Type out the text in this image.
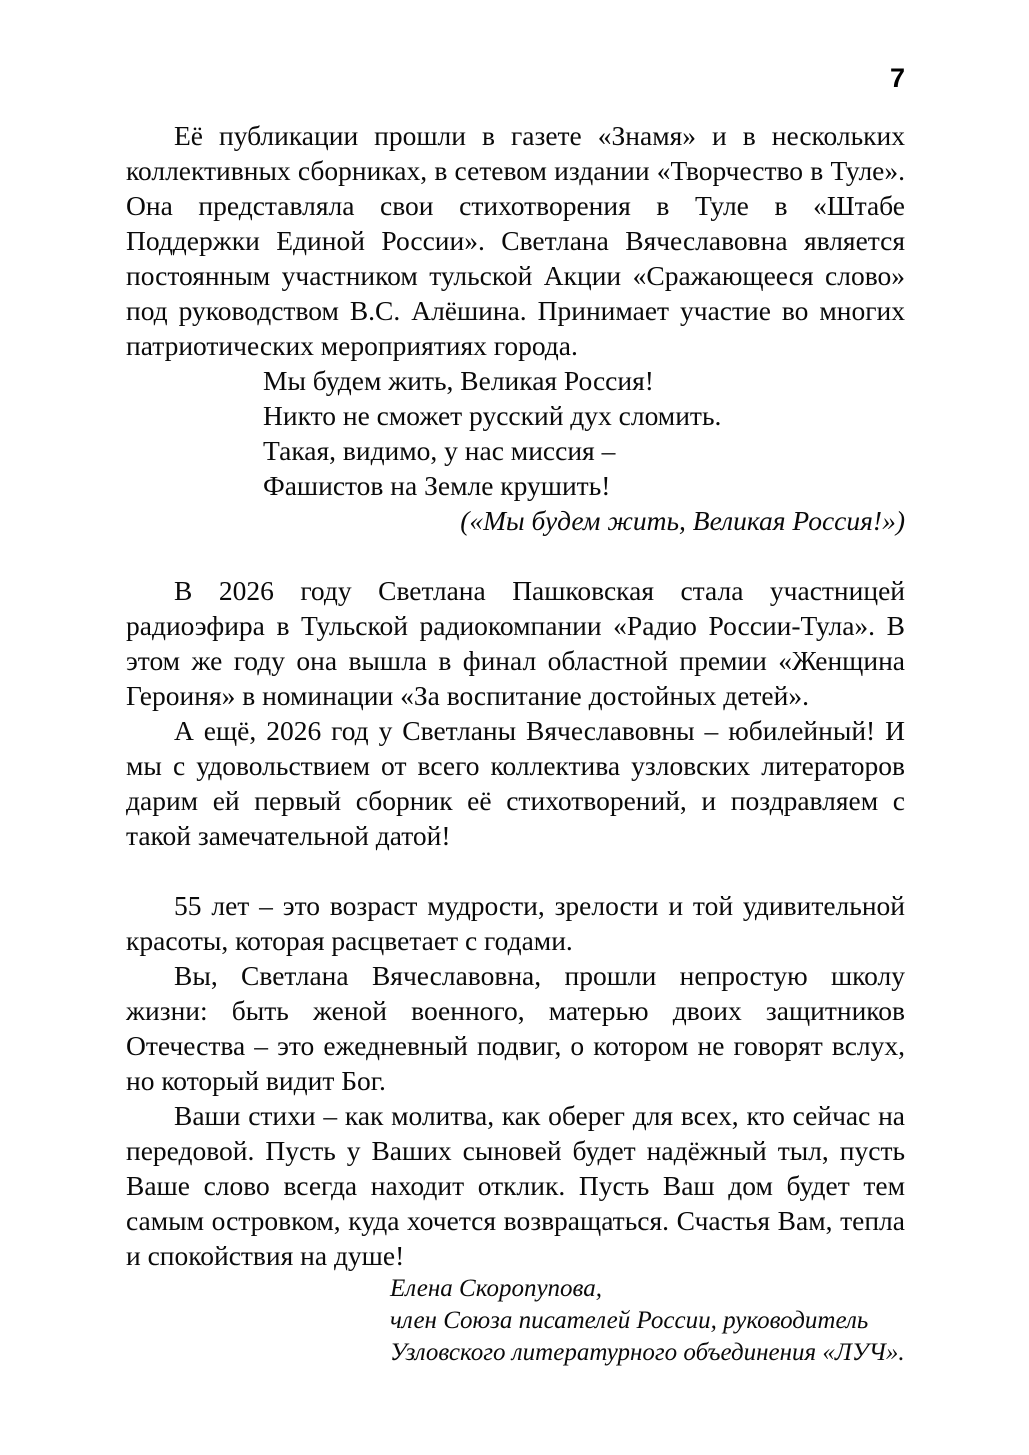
7

Её публикации прошли в газете «Знамя» и в нескольких коллективных сборниках, в сетевом издании «Творчество в Туле». Она представляла свои стихотворения в Туле в «Штабе Поддержки Единой России». Светлана Вячеславовна является постоянным участником тульской Акции «Сражающееся слово» под руководством В.С. Алёшина. Принимает участие во многих патриотических мероприятиях города.

Мы будем жить, Великая Россия!
Никто не сможет русский дух сломить.
Такая, видимо, у нас миссия –
Фашистов на Земле крушить!

(«Мы будем жить, Великая Россия!»)

В 2026 году Светлана Пашковская стала участницей радиоэфира в Тульской радиокомпании «Радио России-Тула». В этом же году она вышла в финал областной премии «Женщина Героиня» в номинации «За воспитание достойных детей».

А ещё, 2026 год у Светланы Вячеславовны – юбилейный! И мы с удовольствием от всего коллектива узловских литераторов дарим ей первый сборник её стихотворений, и поздравляем с такой замечательной датой!

55 лет – это возраст мудрости, зрелости и той удивительной красоты, которая расцветает с годами.

Вы, Светлана Вячеславовна, прошли непростую школу жизни: быть женой военного, матерью двоих защитников Отечества – это ежедневный подвиг, о котором не говорят вслух, но который видит Бог.

Ваши стихи – как молитва, как оберег для всех, кто сейчас на передовой. Пусть у Ваших сыновей будет надёжный тыл, пусть Ваше слово всегда находит отклик. Пусть Ваш дом будет тем самым островком, куда хочется возвращаться. Счастья Вам, тепла и спокойствия на душе!

Елена Скоропупова,
член Союза писателей России, руководитель
Узловского литературного объединения «ЛУЧ».
